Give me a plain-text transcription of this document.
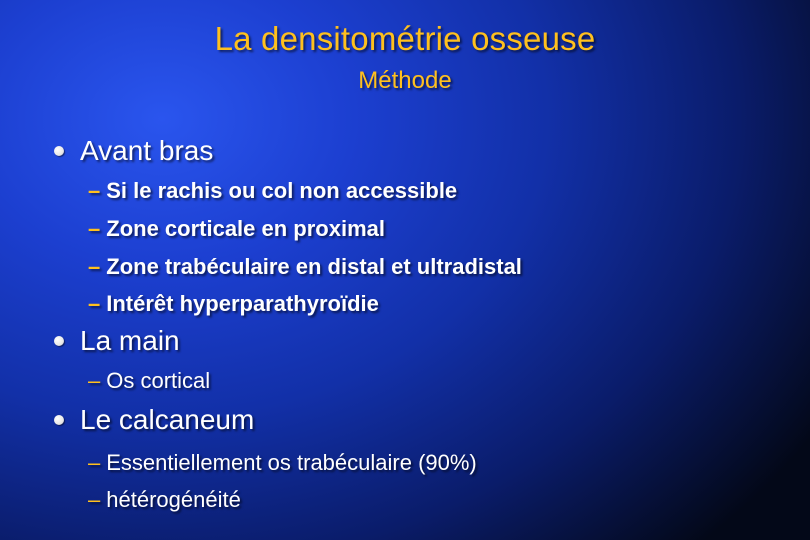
La densitométrie osseuse
Méthode
Avant bras
– Si le rachis ou col non accessible
– Zone corticale en proximal
– Zone trabéculaire en distal et ultradistal
– Intérêt hyperparathyroïdie
La main
– Os cortical
Le calcaneum
– Essentiellement os trabéculaire (90%)
– hétérogénéité
